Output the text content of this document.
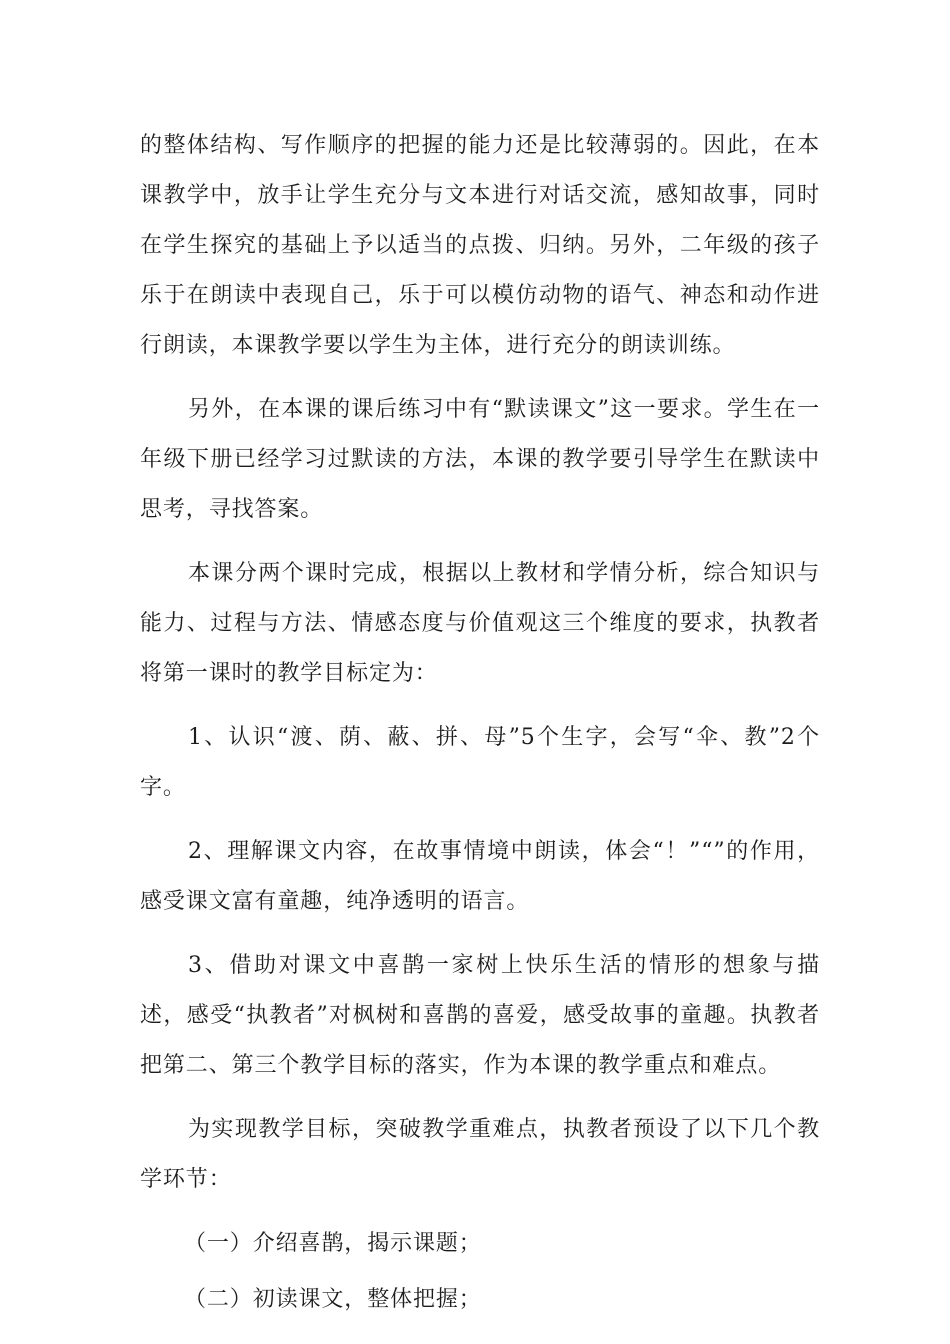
的整体结构、写作顺序的把握的能力还是比较薄弱的。因此，在本课教学中，放手让学生充分与文本进行对话交流，感知故事，同时在学生探究的基础上予以适当的点拨、归纳。另外，二年级的孩子乐于在朗读中表现自己，乐于可以模仿动物的语气、神态和动作进行朗读，本课教学要以学生为主体，进行充分的朗读训练。

另外，在本课的课后练习中有“默读课文”这一要求。学生在一年级下册已经学习过默读的方法，本课的教学要引导学生在默读中思考，寻找答案。

本课分两个课时完成，根据以上教材和学情分析，综合知识与能力、过程与方法、情感态度与价值观这三个维度的要求，执教者将第一课时的教学目标定为：

1、认识“渡、荫、蔽、拼、母”5个生字，会写“伞、教”2个字。

2、理解课文内容，在故事情境中朗读，体会“！”“”的作用，感受课文富有童趣，纯净透明的语言。

3、借助对课文中喜鹊一家树上快乐生活的情形的想象与描述，感受“执教者”对枫树和喜鹊的喜爱，感受故事的童趣。执教者把第二、第三个教学目标的落实，作为本课的教学重点和难点。

为实现教学目标，突破教学重难点，执教者预设了以下几个教学环节：

（一）介绍喜鹊，揭示课题；

（二）初读课文，整体把握；
